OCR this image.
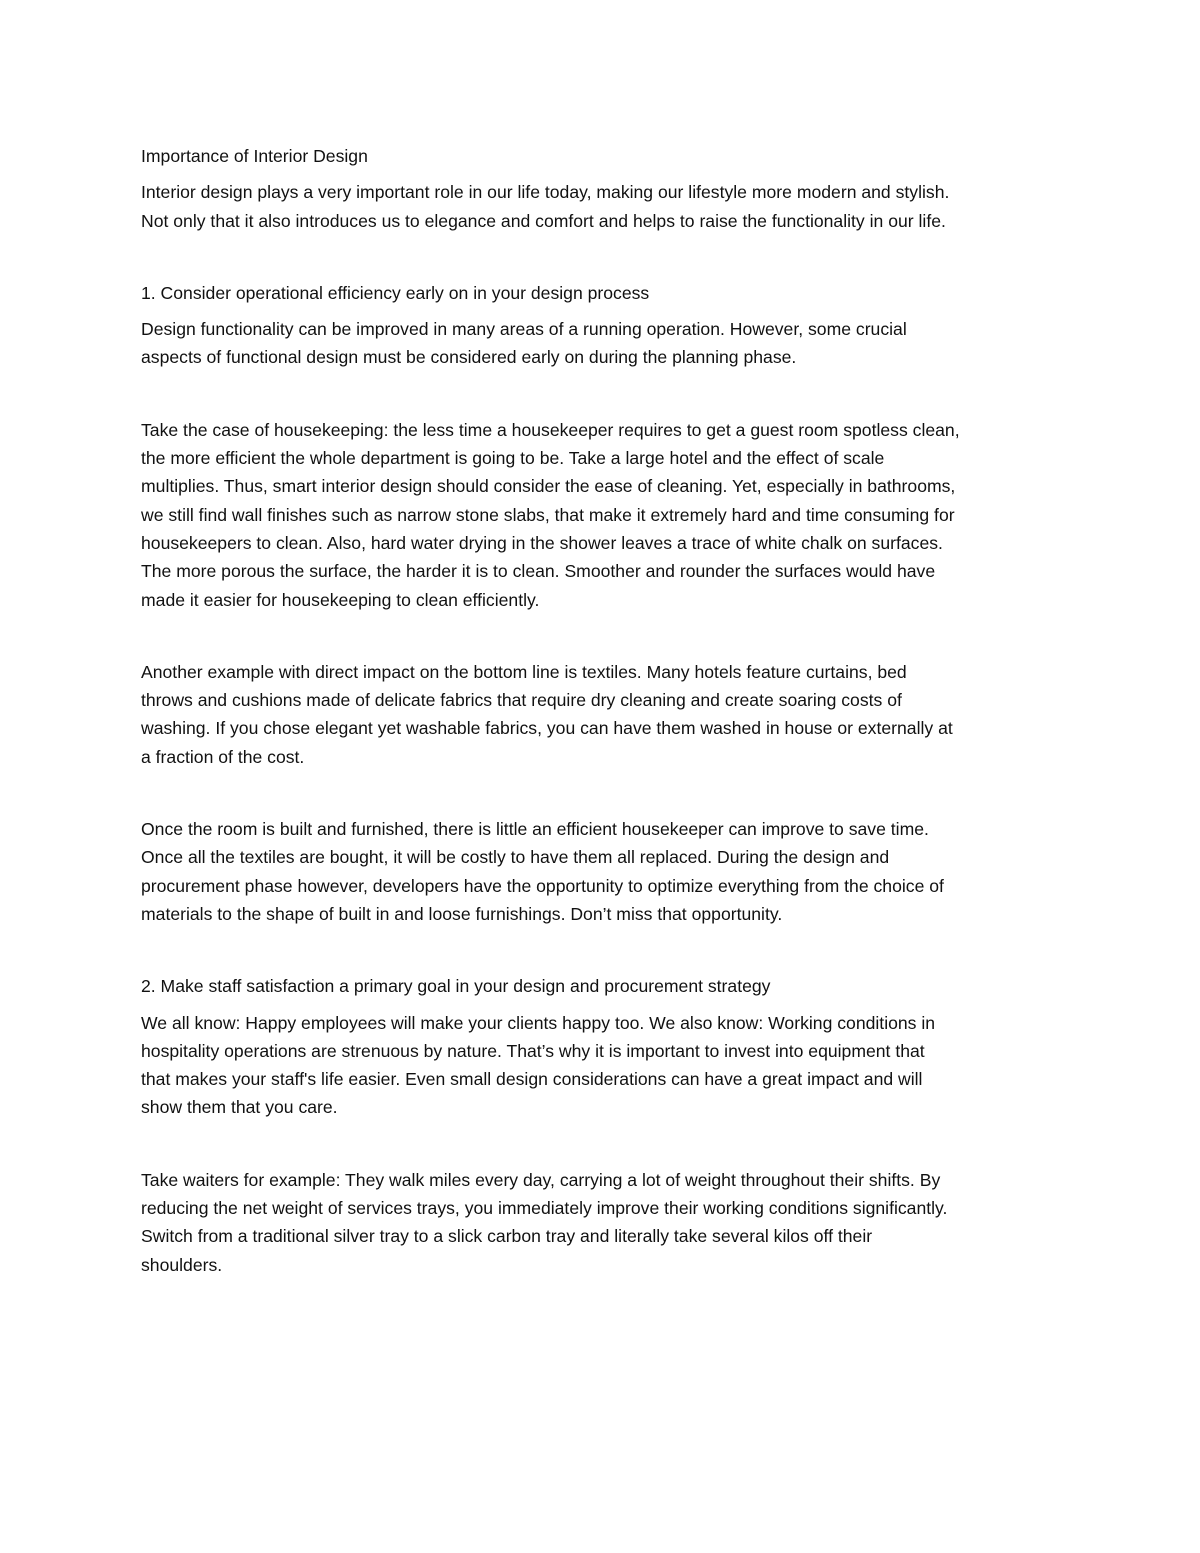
Importance of Interior Design

Interior design plays a very important role in our life today, making our lifestyle more modern and stylish.
Not only that it also introduces us to elegance and comfort and helps to raise the functionality in our life.

1. Consider operational efficiency early on in your design process

Design functionality can be improved in many areas of a running operation. However, some crucial
aspects of functional design must be considered early on during the planning phase.

Take the case of housekeeping: the less time a housekeeper requires to get a guest room spotless clean,
the more efficient the whole department is going to be. Take a large hotel and the effect of scale
multiplies. Thus, smart interior design should consider the ease of cleaning. Yet, especially in bathrooms,
we still find wall finishes such as narrow stone slabs, that make it extremely hard and time consuming for
housekeepers to clean. Also, hard water drying in the shower leaves a trace of white chalk on surfaces.
The more porous the surface, the harder it is to clean. Smoother and rounder the surfaces would have
made it easier for housekeeping to clean efficiently.

Another example with direct impact on the bottom line is textiles. Many hotels feature curtains, bed
throws and cushions made of delicate fabrics that require dry cleaning and create soaring costs of
washing. If you chose elegant yet washable fabrics, you can have them washed in house or externally at
a fraction of the cost.

Once the room is built and furnished, there is little an efficient housekeeper can improve to save time.
Once all the textiles are bought, it will be costly to have them all replaced. During the design and
procurement phase however, developers have the opportunity to optimize everything from the choice of
materials to the shape of built in and loose furnishings. Don’t miss that opportunity.

2. Make staff satisfaction a primary goal in your design and procurement strategy

We all know: Happy employees will make your clients happy too. We also know: Working conditions in
hospitality operations are strenuous by nature. That’s why it is important to invest into equipment that
that makes your staff's life easier. Even small design considerations can have a great impact and will
show them that you care.

Take waiters for example: They walk miles every day, carrying a lot of weight throughout their shifts. By
reducing the net weight of services trays, you immediately improve their working conditions significantly.
Switch from a traditional silver tray to a slick carbon tray and literally take several kilos off their
shoulders.
